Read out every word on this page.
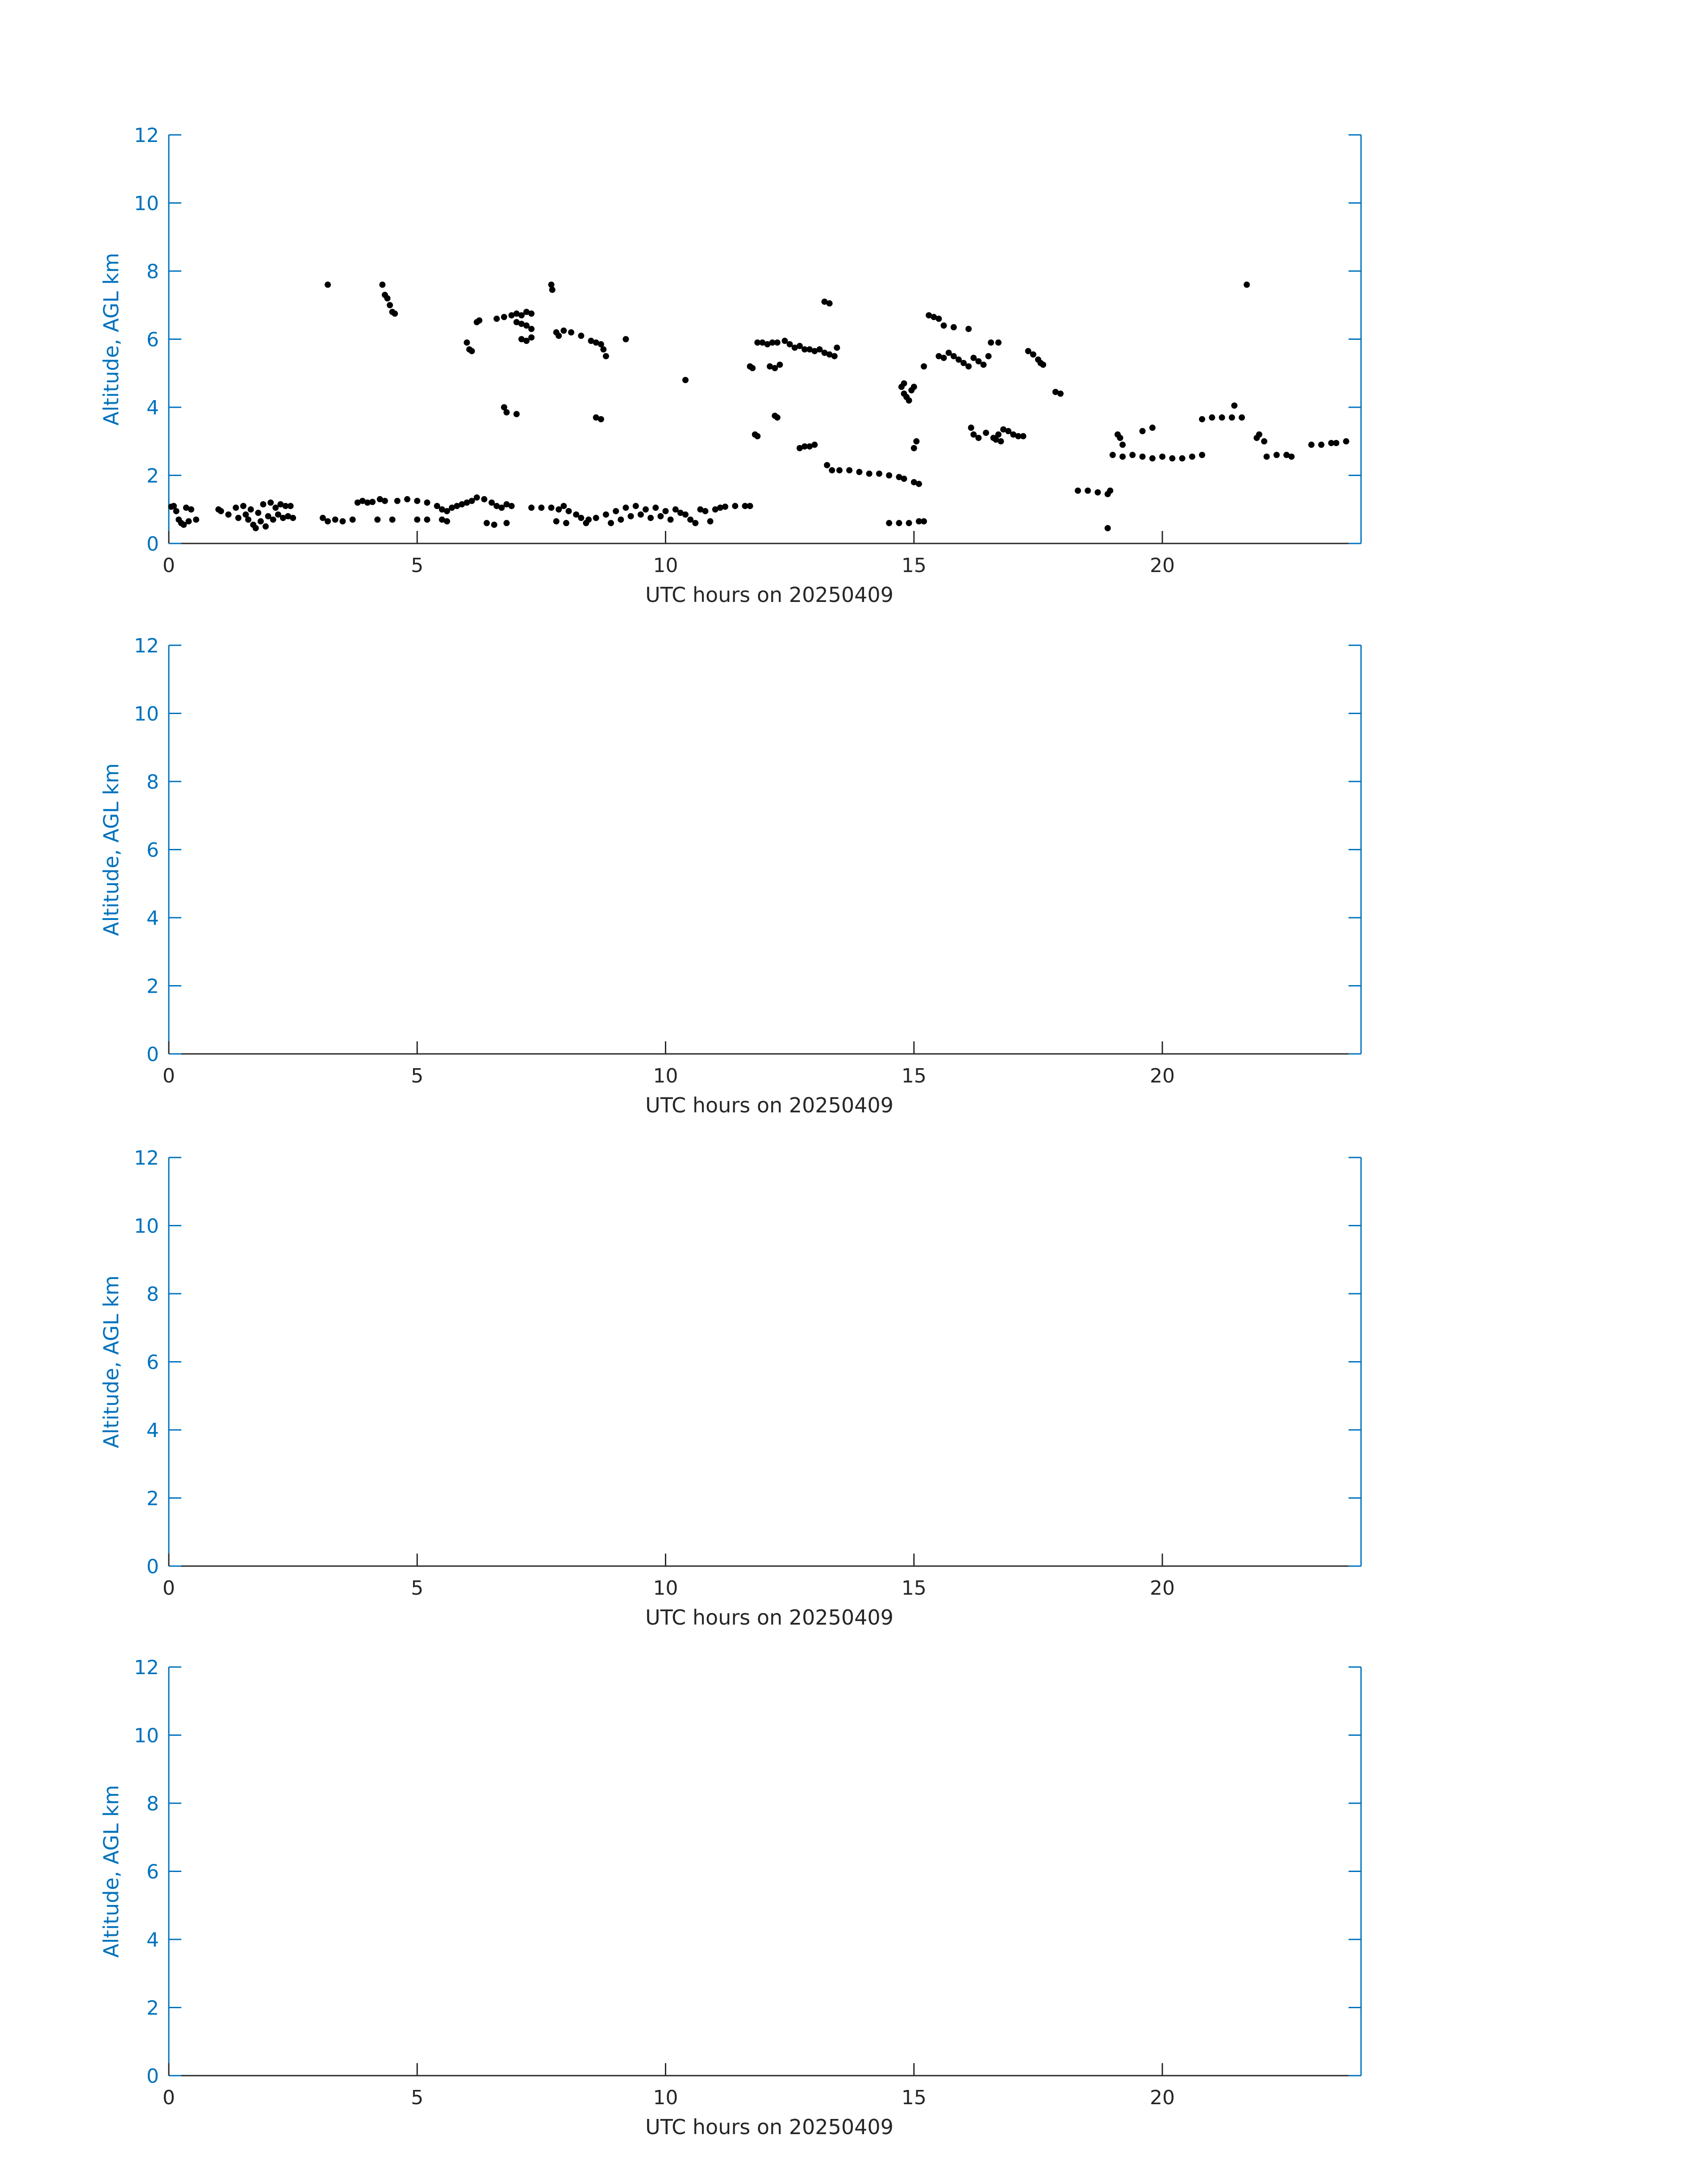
UTC hours on 20250409
Altitude, AGL km
0
2
4
6
8
10
12
0	5	10	15	20
UTC hours on 20250409
Altitude, AGL km
0
2
4
6
8
10
12
0	5	10	15	20
UTC hours on 20250409
Altitude, AGL km
0
2
4
6
8
10
12
0	5	10	15	20
UTC hours on 20250409
Altitude, AGL km
0
2
4
6
8
10
12
0	5	10	15	20
